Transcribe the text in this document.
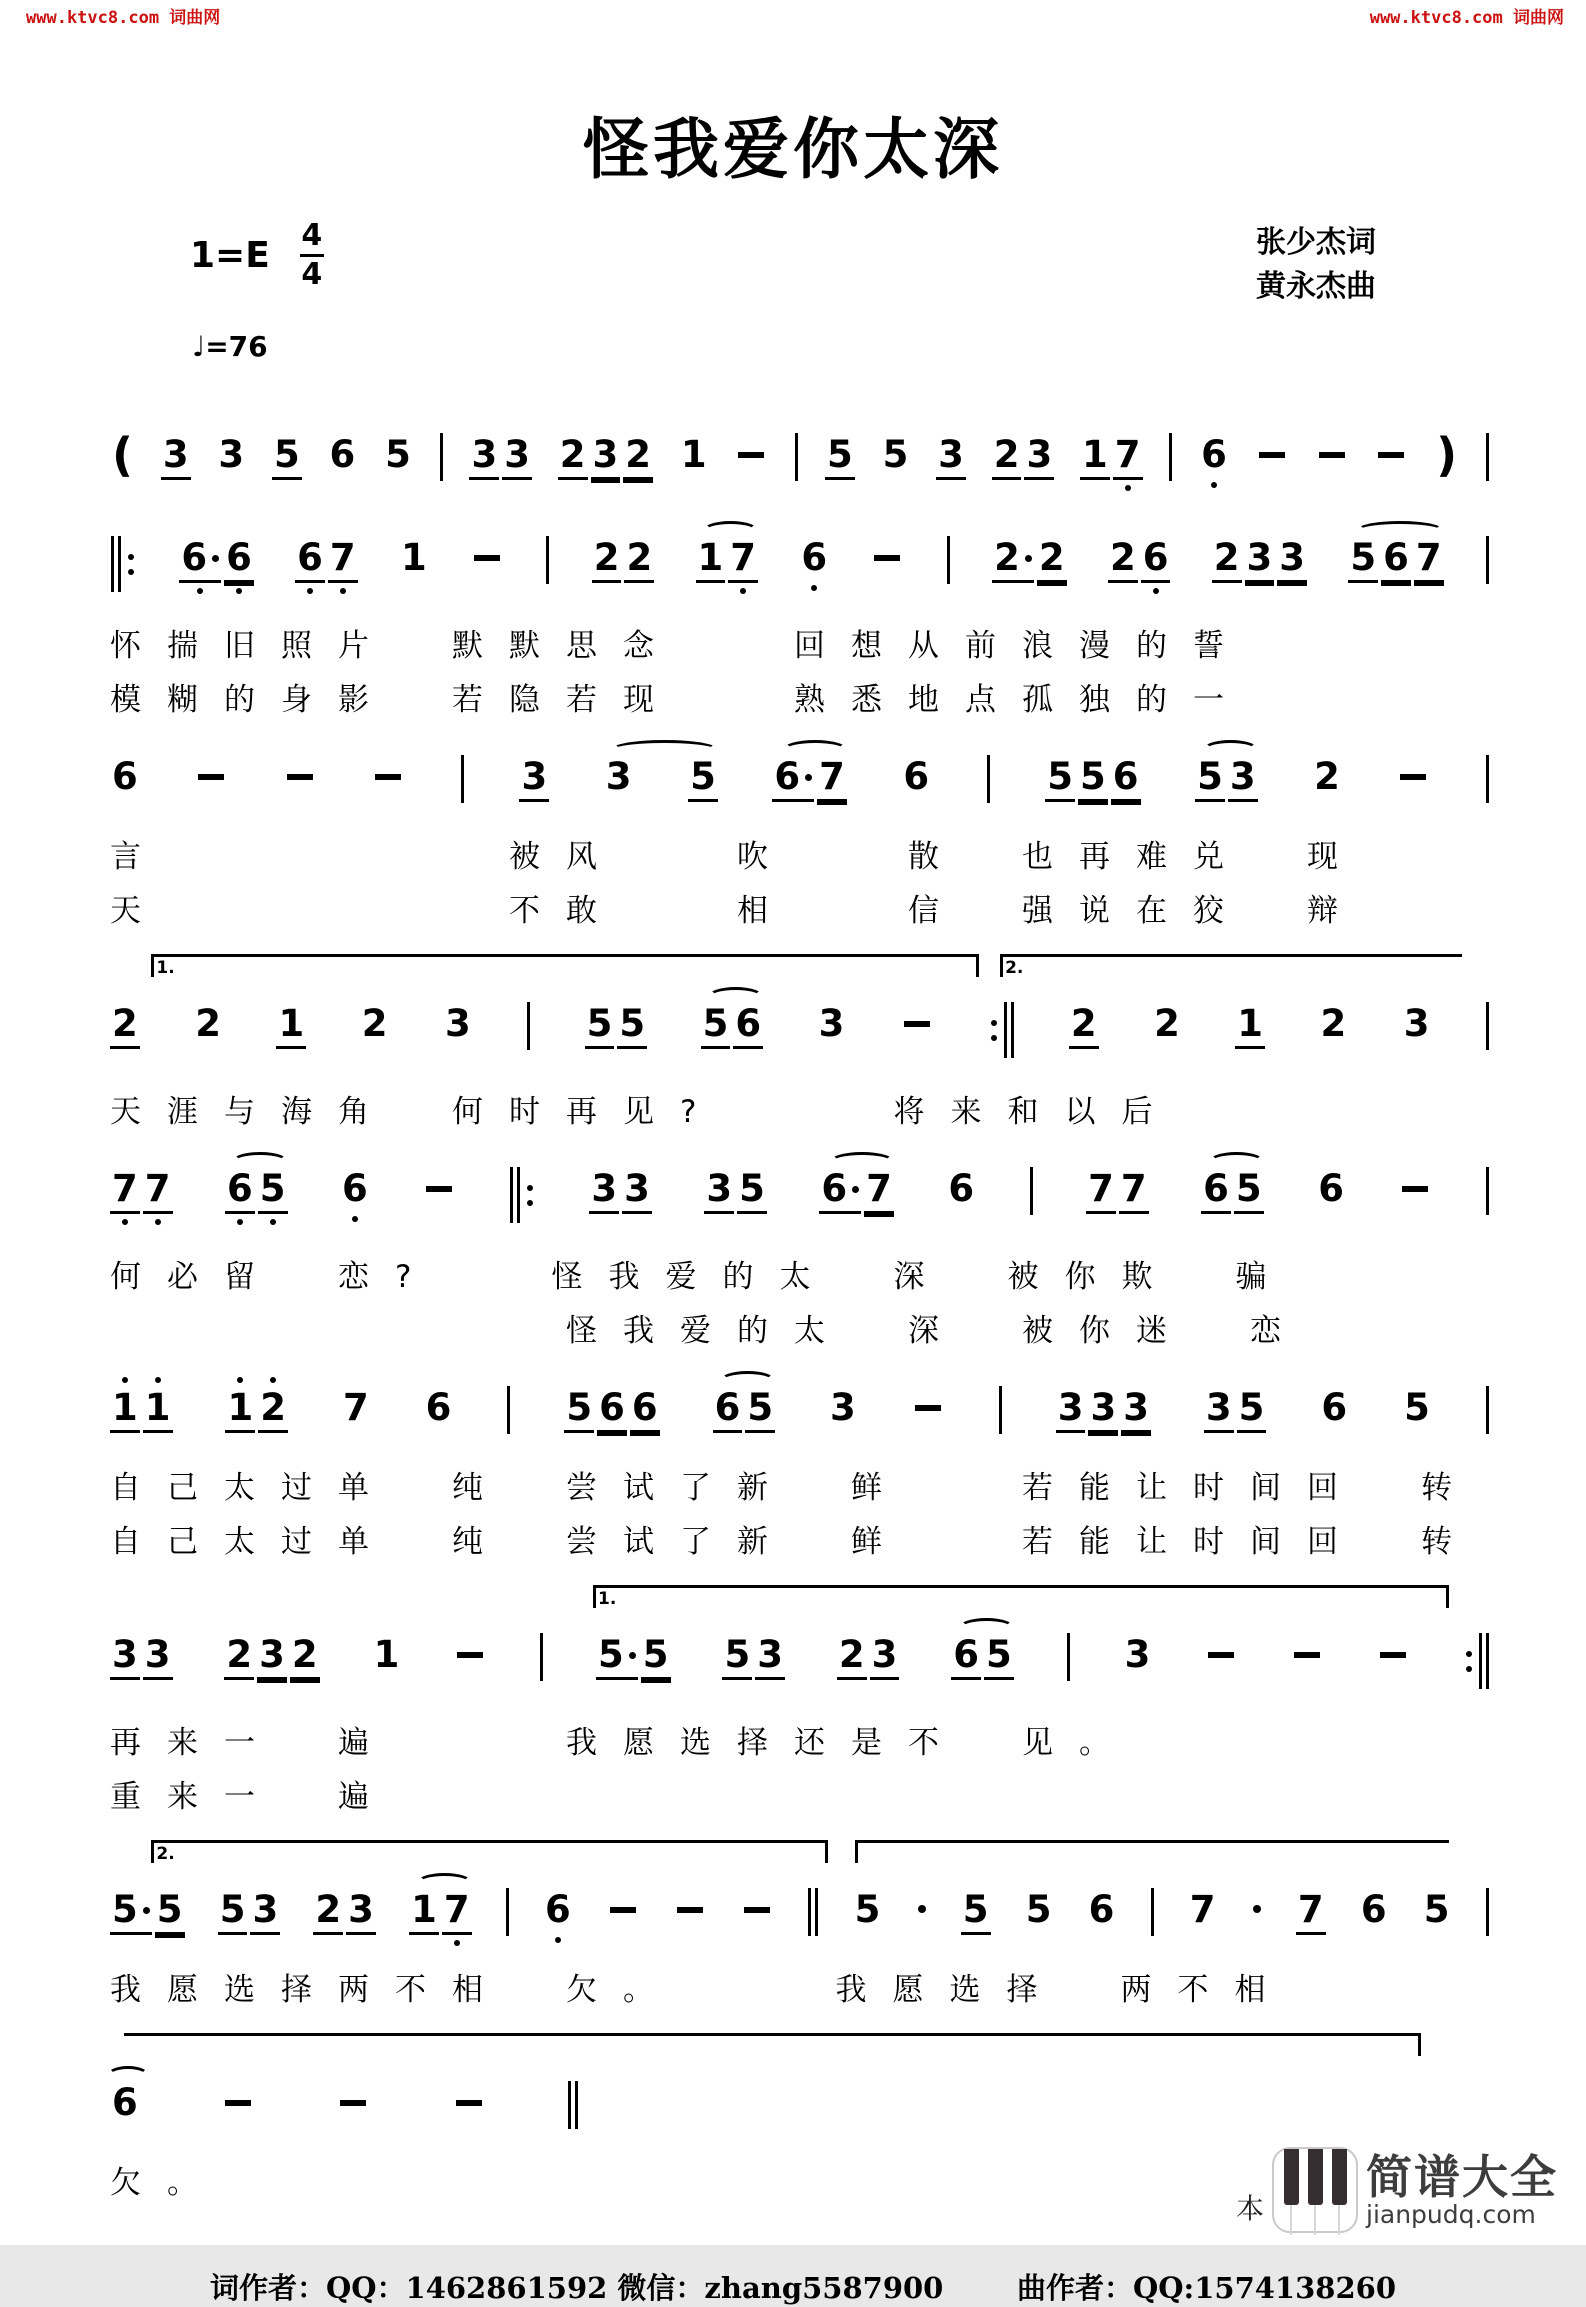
www.ktvc8.com 词曲网	www.ktvc8.com 词曲网
怪我爱你太深
1=E 4
4
张少杰词
黄永杰曲
♩=76
( 3 3 5 6 5 3 3 2 3 2 1	5 5 3 2 3 1 7 6	)
6 6 6 7 1	2 2 1 7 6	2 2 2 6 2 3 3 5 6 7
怀揣旧照片　默默思念　　回想从前浪漫的誓
模糊的身影　若隐若现　　熟悉地点孤独的一
6	3 3 5 6 7 6	5 5 6 5 3 2
言　　　　　　被风　　吹　　散　也再难兑　现
天　　　　　　不敢　　相　　信　强说在狡　辩
1.	2.
2 2 1 2 3	5 5 5 6 3	2 2 1 2 3
天涯与海角　何时再见?　　　将来和以后
7 7 6 5 6	3 3 3 5 6 7 6	7 7 6 5 6
何必留　恋?　　怪我爱的太　深　被你欺　骗
　　　　　　　　怪我爱的太　深　被你迷　恋
1 1 1 2 7 6	5 6 6 6 5 3	3 3 3 3 5 6 5
自己太过单　纯　尝试了新　鲜　　若能让时间回　转
自己太过单　纯　尝试了新　鲜　　若能让时间回　转
1.
3 3 2 3 2 1	5 5 5 3 2 3 6 5	3
再来一　遍　　　我愿选择还是不　见。
重来一　遍
2.
5 5 5 3 2 3 1 7 6	5 5 5 6 7 7 6 5
我愿选择两不相　欠。　　　我愿选择　两不相
6
欠。
词作者：QQ：1462861592 微信：zhang5587900	曲作者：QQ:1574138260
本
简谱大全
jianpudq.com
